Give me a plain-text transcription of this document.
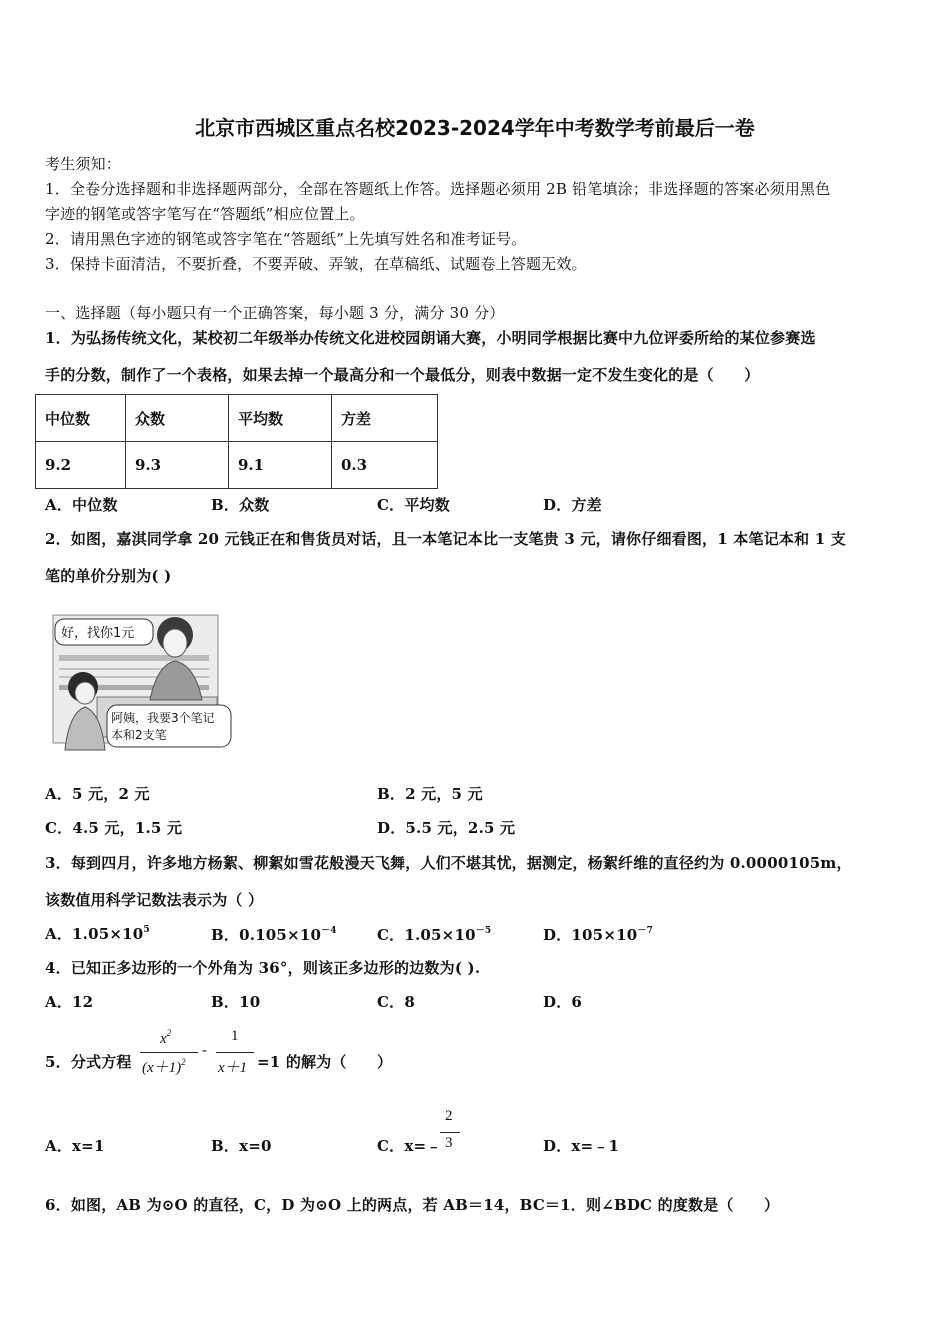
北京市西城区重点名校2023-2024学年中考数学考前最后一卷
考生须知：
1．全卷分选择题和非选择题两部分，全部在答题纸上作答。选择题必须用 2B 铅笔填涂；非选择题的答案必须用黑色
字迹的钢笔或答字笔写在“答题纸”相应位置上。
2．请用黑色字迹的钢笔或答字笔在“答题纸”上先填写姓名和准考证号。
3．保持卡面清洁，不要折叠，不要弄破、弄皱，在草稿纸、试题卷上答题无效。
一、选择题（每小题只有一个正确答案，每小题 3 分，满分 30 分）
1．为弘扬传统文化，某校初二年级举办传统文化进校园朗诵大赛，小明同学根据比赛中九位评委所给的某位参赛选
手的分数，制作了一个表格，如果去掉一个最高分和一个最低分，则表中数据一定不发生变化的是（　　）
中位数	众数	平均数	方差
9.2	9.3	9.1	0.3
A．中位数	B．众数	C．平均数	D．方差
2．如图，嘉淇同学拿 20 元钱正在和售货员对话，且一本笔记本比一支笔贵 3 元，请你仔细看图，1 本笔记本和 1 支
笔的单价分别为( )
好，找你1元
阿姨，我要3个笔记
本和2支笔
A．5 元，2 元	B．2 元，5 元
C．4.5 元，1.5 元	D．5.5 元，2.5 元
3．每到四月，许多地方杨絮、柳絮如雪花般漫天飞舞，人们不堪其忧，据测定，杨絮纤维的直径约为 0.0000105m，
该数值用科学记数法表示为（ ）
A．$1.05\times 10^5$	B．$0.105\times 10^{-4}$	C．$1.05\times 10^{-5}$	D．$105\times 10^{-7}$
4．已知正多边形的一个外角为 36°，则该正多边形的边数为( ).
A．12	B．10	C．8	D．6
5．分式方程
$x^2$
$(x+1)^2$
-
1
x＋1 =1 的解为（　　）
A．x=1	B．x=0	C．x=﹣
2
3	D．x=﹣1
6．如图，AB 为⊙O 的直径，C，D 为⊙O 上的两点，若 AB＝14，BC＝1．则∠BDC 的度数是（　　）
